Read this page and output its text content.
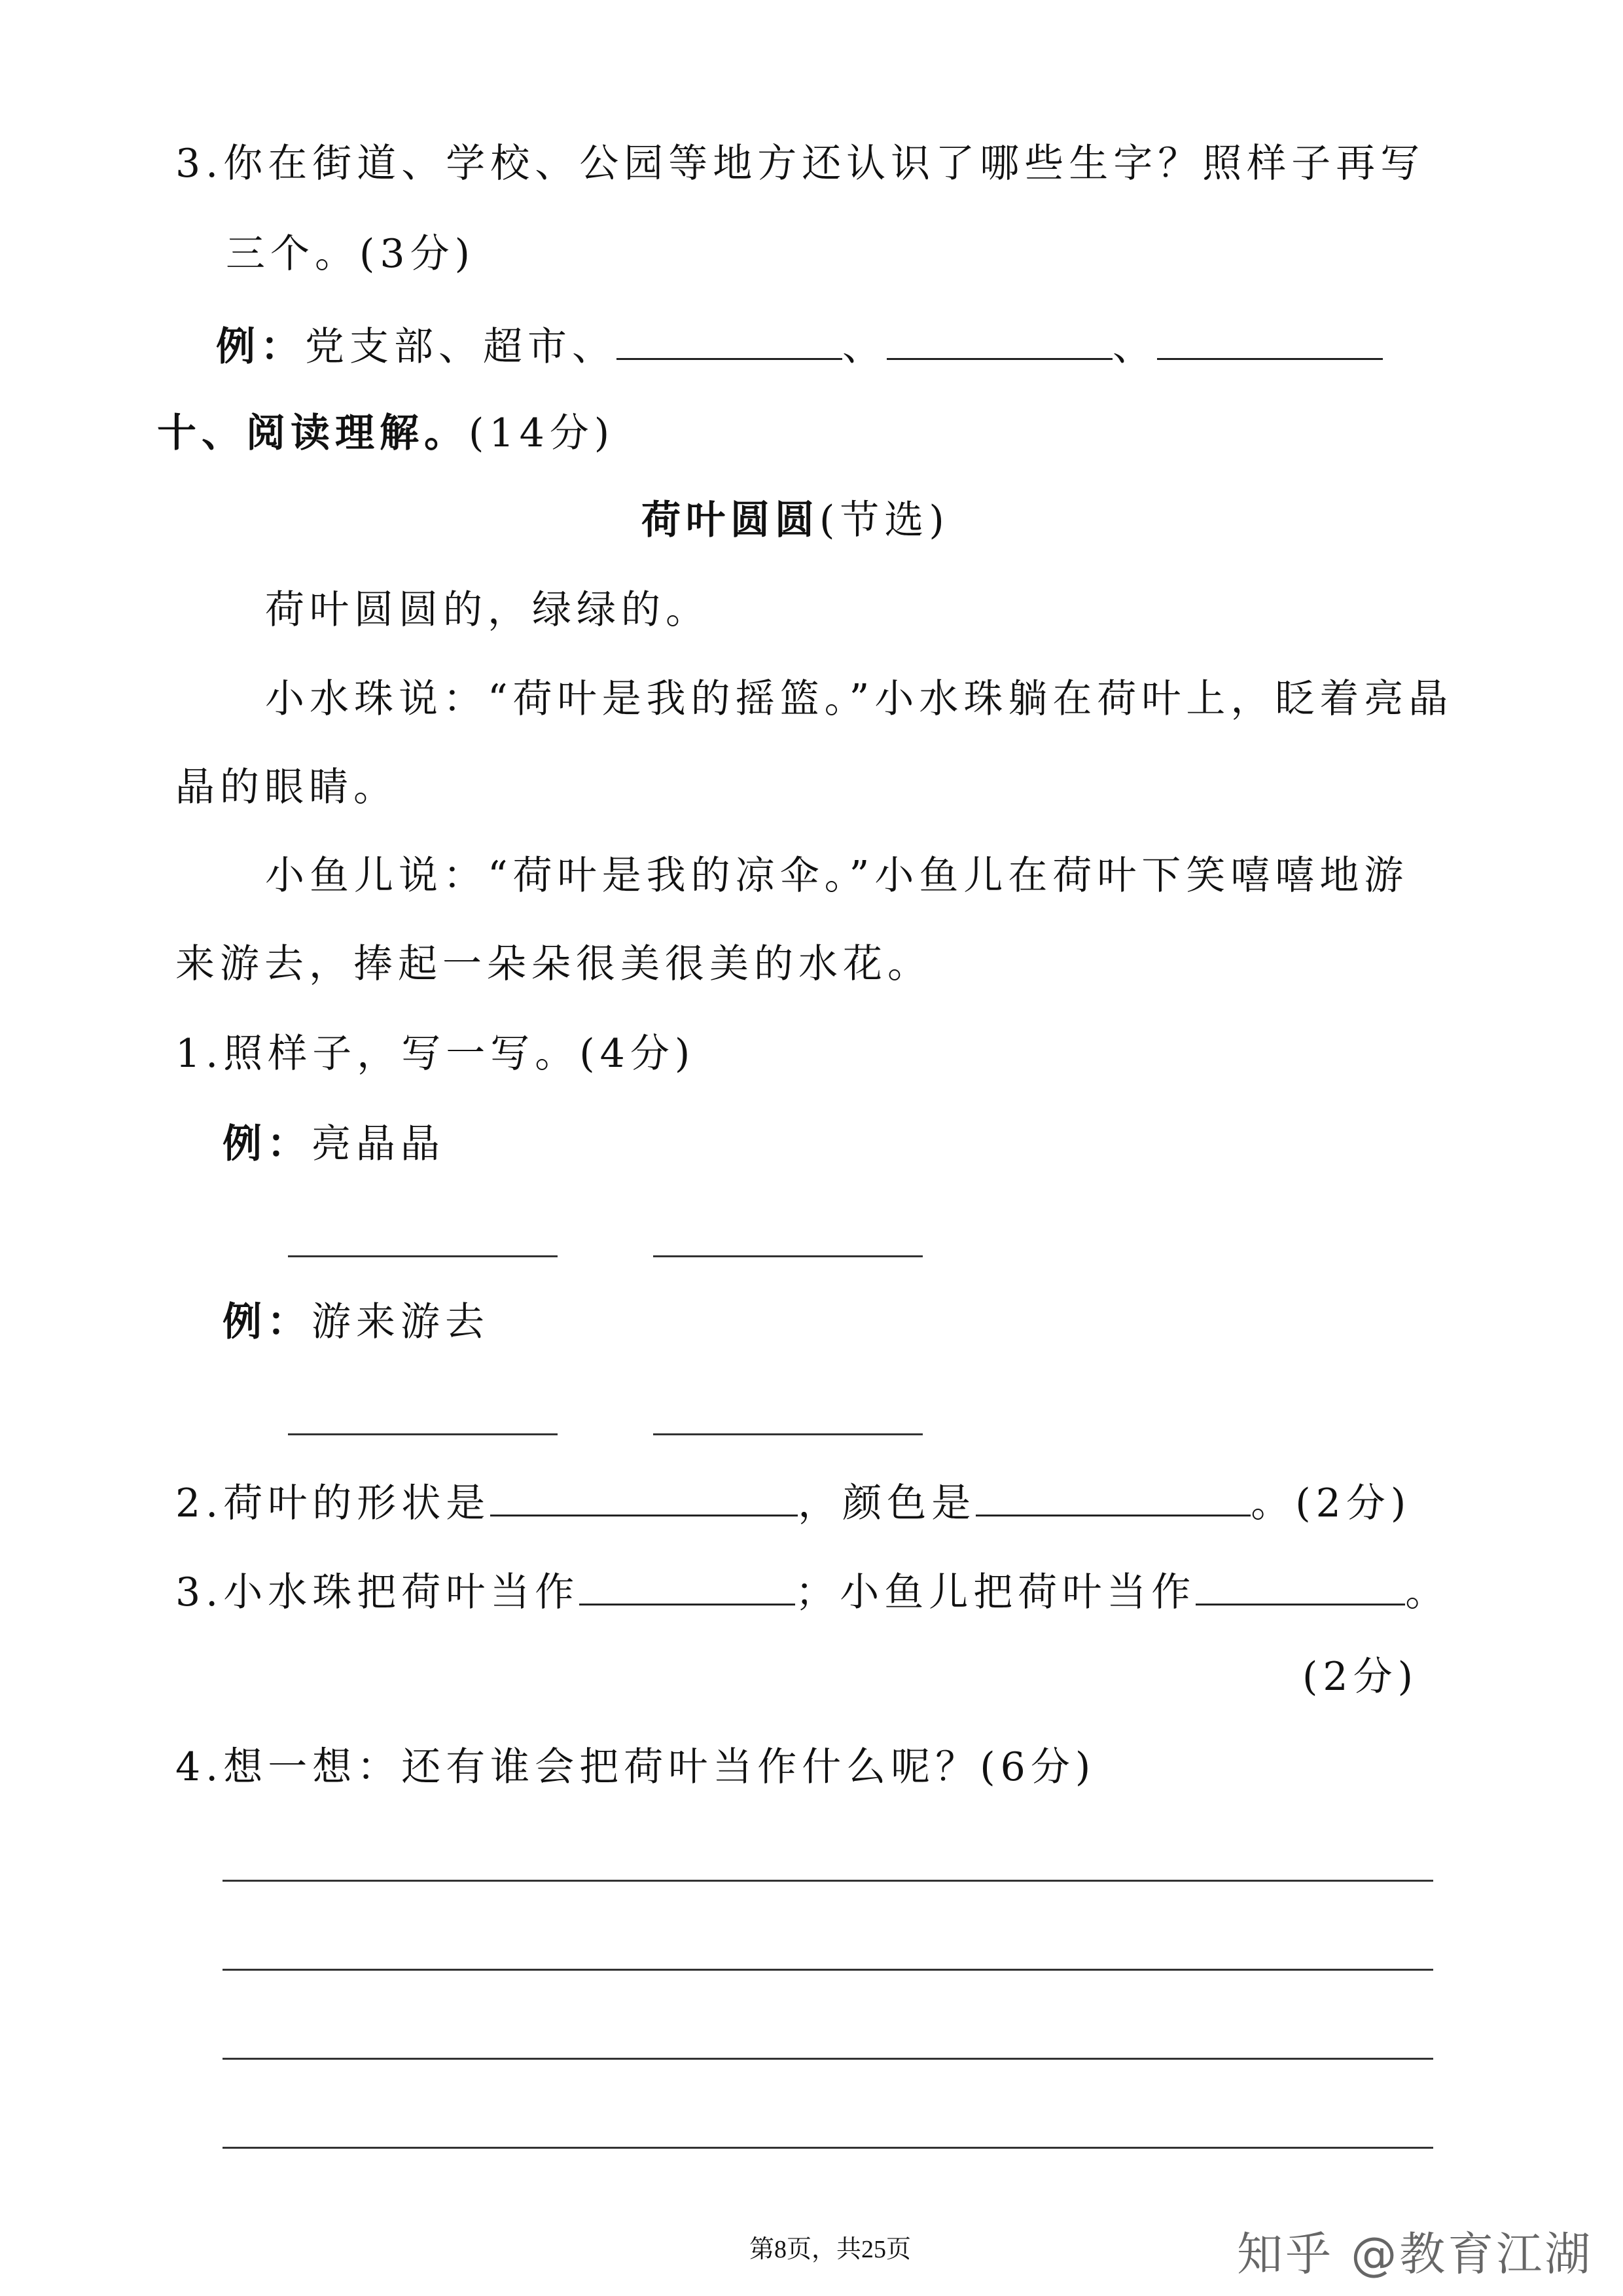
3.你在街道、学校、公园等地方还认识了哪些生字？照样子再写
三个。(3分)
例：党支部、超市、	、	、
十、阅读理解。(14分)
荷叶圆圆(节选)
荷叶圆圆的，绿绿的。
小水珠说：“荷叶是我的摇篮。”小水珠躺在荷叶上，眨着亮晶
晶的眼睛。
小鱼儿说：“荷叶是我的凉伞。”小鱼儿在荷叶下笑嘻嘻地游
来游去，捧起一朵朵很美很美的水花。
1.照样子，写一写。(4分)
例：亮晶晶
例：游来游去
2.荷叶的形状是	，颜色是	。(2分)
3.小水珠把荷叶当作	；小鱼儿把荷叶当作	。
(2分)
4.想一想：还有谁会把荷叶当作什么呢？(6分)
第8页，共25页	知乎 @教育江湖
